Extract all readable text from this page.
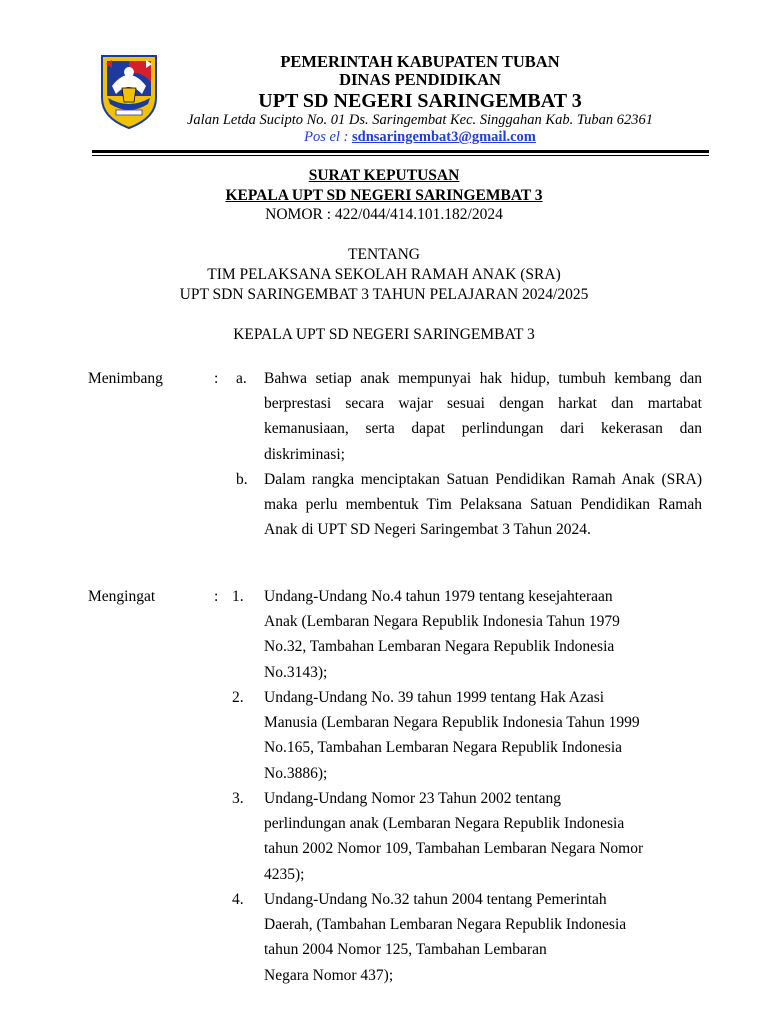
PEMERINTAH KABUPATEN TUBAN
DINAS PENDIDIKAN
UPT SD NEGERI SARINGEMBAT 3
Jalan Letda Sucipto No. 01 Ds. Saringembat Kec. Singgahan Kab. Tuban 62361
Pos el : sdnsaringembat3@gmail.com
SURAT KEPUTUSAN
KEPALA UPT SD NEGERI SARINGEMBAT 3
NOMOR : 422/044/414.101.182/2024
TENTANG
TIM PELAKSANA SEKOLAH RAMAH ANAK (SRA)
UPT SDN SARINGEMBAT 3 TAHUN PELAJARAN 2024/2025
KEPALA UPT SD NEGERI SARINGEMBAT 3
Menimbang	: a. Bahwa setiap anak mempunyai hak hidup, tumbuh kembang dan berprestasi secara wajar sesuai dengan harkat dan martabat kemanusiaan, serta dapat perlindungan dari kekerasan dan diskriminasi;
b. Dalam rangka menciptakan Satuan Pendidikan Ramah Anak (SRA) maka perlu membentuk Tim Pelaksana Satuan Pendidikan Ramah Anak di UPT SD Negeri Saringembat 3 Tahun 2024.
Mengingat	: 1. Undang-Undang No.4 tahun 1979 tentang kesejahteraan
Anak (Lembaran Negara Republik Indonesia Tahun 1979
No.32, Tambahan Lembaran Negara Republik Indonesia
No.3143);
2. Undang-Undang No. 39 tahun 1999 tentang Hak Azasi
Manusia (Lembaran Negara Republik Indonesia Tahun 1999
No.165, Tambahan Lembaran Negara Republik Indonesia
No.3886);
3. Undang-Undang Nomor 23 Tahun 2002 tentang
perlindungan anak (Lembaran Negara Republik Indonesia
tahun 2002 Nomor 109, Tambahan Lembaran Negara Nomor
4235);
4. Undang-Undang No.32 tahun 2004 tentang Pemerintah
Daerah, (Tambahan Lembaran Negara Republik Indonesia
tahun 2004 Nomor 125, Tambahan Lembaran
Negara Nomor 437);
